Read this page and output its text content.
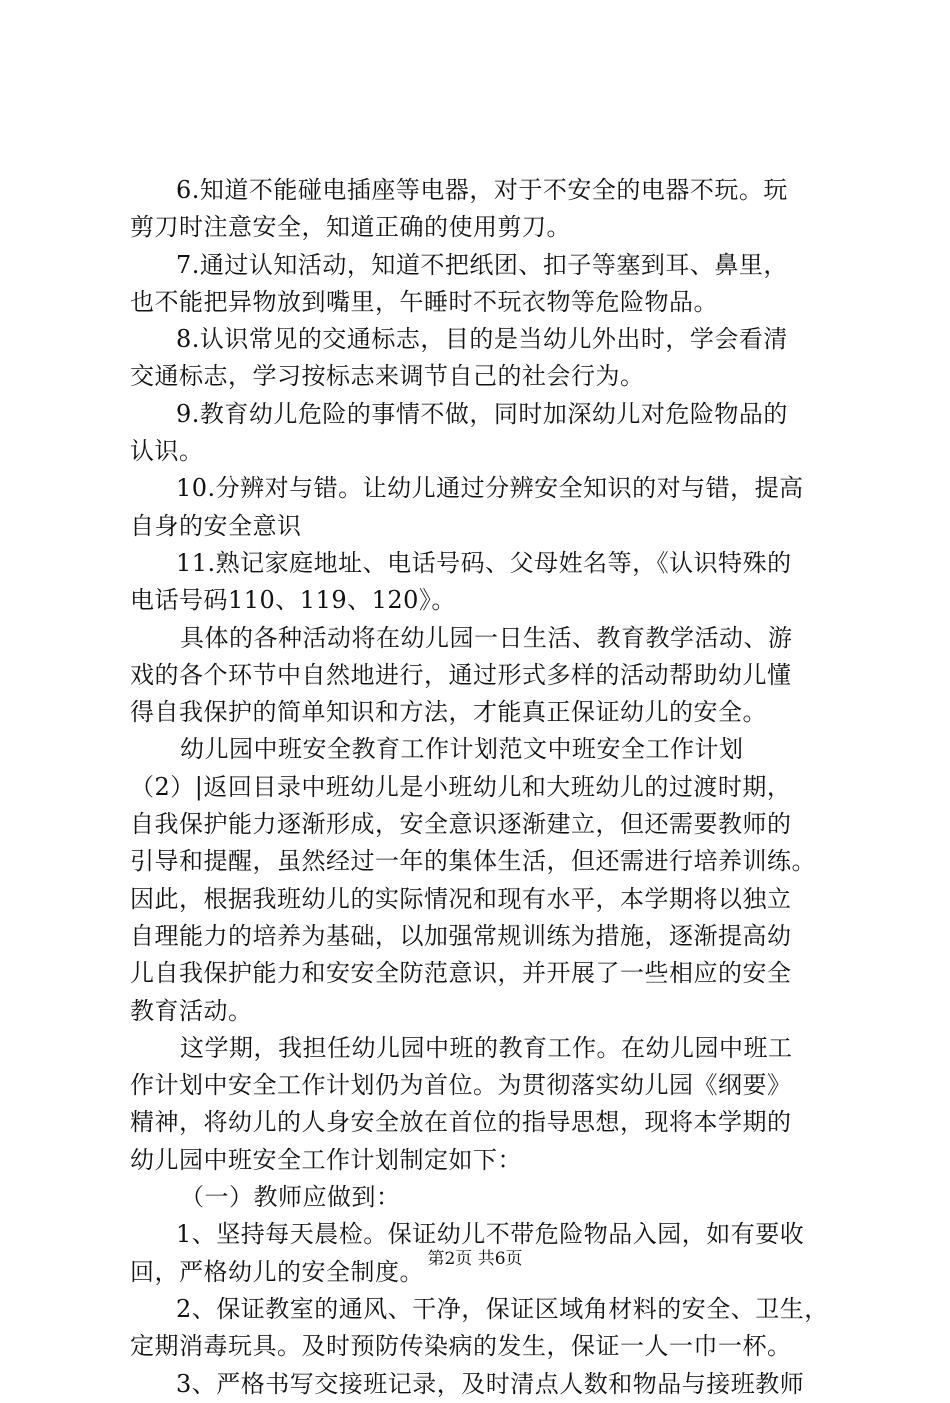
6.知道不能碰电插座等电器，对于不安全的电器不玩。玩
剪刀时注意安全，知道正确的使用剪刀。
7.通过认知活动，知道不把纸团、扣子等塞到耳、鼻里，
也不能把异物放到嘴里，午睡时不玩衣物等危险物品。
8.认识常见的交通标志，目的是当幼儿外出时，学会看清
交通标志，学习按标志来调节自己的社会行为。
9.教育幼儿危险的事情不做，同时加深幼儿对危险物品的
认识。
10.分辨对与错。让幼儿通过分辨安全知识的对与错，提高
自身的安全意识
11.熟记家庭地址、电话号码、父母姓名等，《认识特殊的
电话号码110、119、120》。
具体的各种活动将在幼儿园一日生活、教育教学活动、游
戏的各个环节中自然地进行，通过形式多样的活动帮助幼儿懂
得自我保护的简单知识和方法，才能真正保证幼儿的安全。
幼儿园中班安全教育工作计划范文中班安全工作计划
（2）|返回目录中班幼儿是小班幼儿和大班幼儿的过渡时期，
自我保护能力逐渐形成，安全意识逐渐建立，但还需要教师的
引导和提醒，虽然经过一年的集体生活，但还需进行培养训练。
因此，根据我班幼儿的实际情况和现有水平，本学期将以独立
自理能力的培养为基础，以加强常规训练为措施，逐渐提高幼
儿自我保护能力和安安全防范意识，并开展了一些相应的安全
教育活动。
这学期，我担任幼儿园中班的教育工作。在幼儿园中班工
作计划中安全工作计划仍为首位。为贯彻落实幼儿园《纲要》
精神，将幼儿的人身安全放在首位的指导思想，现将本学期的
幼儿园中班安全工作计划制定如下：
（一）教师应做到：
1、坚持每天晨检。保证幼儿不带危险物品入园，如有要收
回，严格幼儿的安全制度。
2、保证教室的通风、干净，保证区域角材料的安全、卫生，
定期消毒玩具。及时预防传染病的发生，保证一人一巾一杯。
3、严格书写交接班记录，及时清点人数和物品与接班教师
第2页 共6页
